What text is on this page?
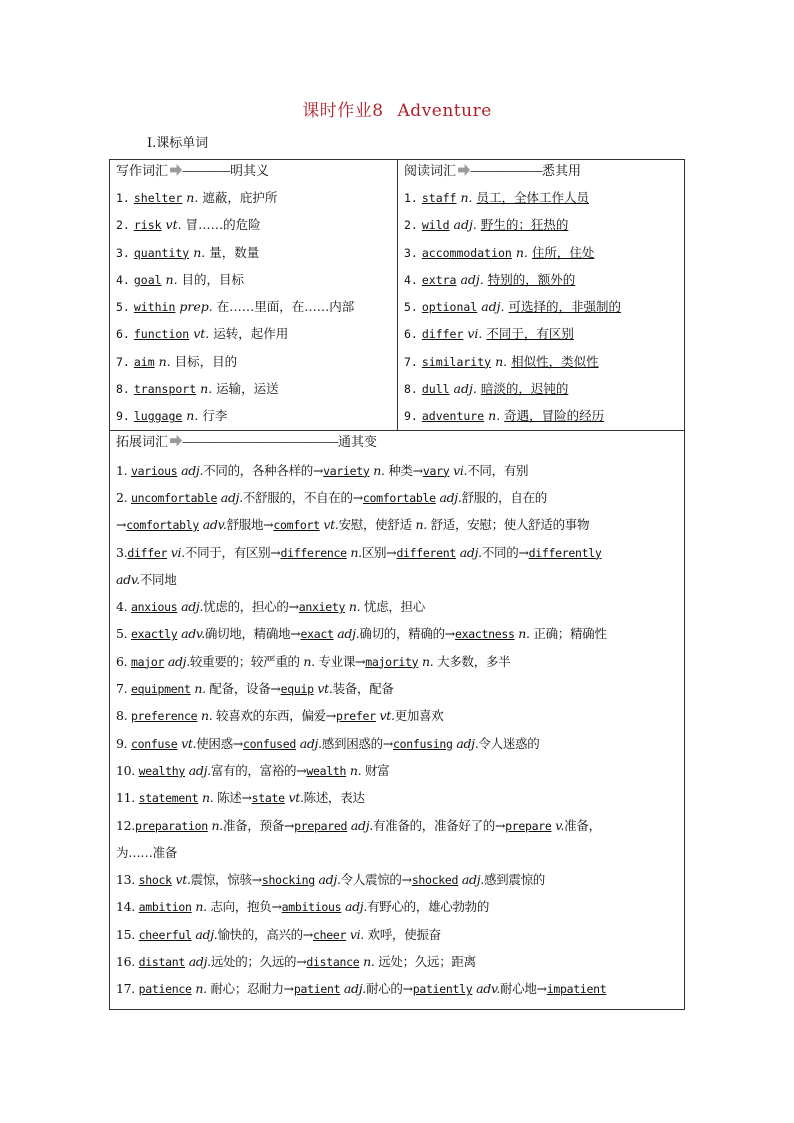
课时作业8 Adventure
Ⅰ.课标单词
写作词汇 ————明其义
1. shelter n. 遮蔽，庇护所
2. risk vt. 冒……的危险
3. quantity n. 量，数量
4. goal n. 目的，目标
5. within prep. 在……里面，在……内部
6. function vt. 运转，起作用
7. aim n. 目标，目的
8. transport n. 运输，运送
9. luggage n. 行李

阅读词汇 ——————悉其用
1. staff n. 员工，全体工作人员
2. wild adj. 野生的；狂热的
3. accommodation n. 住所，住处
4. extra adj. 特别的，额外的
5. optional adj. 可选择的，非强制的
6. differ vi. 不同于，有区别
7. similarity n. 相似性，类似性
8. dull adj. 暗淡的，迟钝的
9. adventure n. 奇遇，冒险的经历

拓展词汇 —————————————通其变
1. various adj.不同的，各种各样的→variety n. 种类→vary vi.不同，有别
2. uncomfortable adj.不舒服的，不自在的→comfortable adj.舒服的，自在的
→comfortably adv.舒服地→comfort vt.安慰，使舒适 n. 舒适，安慰；使人舒适的事物
3.differ vi.不同于，有区别→difference n.区别→different adj.不同的→differently
adv.不同地
4. anxious adj.忧虑的，担心的→anxiety n. 忧虑，担心
5. exactly adv.确切地，精确地→exact adj.确切的，精确的→exactness n. 正确；精确性
6. major adj.较重要的；较严重的 n. 专业课→majority n. 大多数，多半
7. equipment n. 配备，设备→equip vt.装备，配备
8. preference n. 较喜欢的东西，偏爱→prefer vt.更加喜欢
9. confuse vt.使困惑→confused adj.感到困惑的→confusing adj.令人迷惑的
10. wealthy adj.富有的，富裕的→wealth n. 财富
11. statement n. 陈述→state vt.陈述，表达
12.preparation n.准备，预备→prepared adj.有准备的，准备好了的→prepare v.准备，
为……准备
13. shock vt.震惊，惊骇→shocking adj.令人震惊的→shocked adj.感到震惊的
14. ambition n. 志向，抱负→ambitious adj.有野心的，雄心勃勃的
15. cheerful adj.愉快的，高兴的→cheer vi. 欢呼，使振奋
16. distant adj.远处的；久远的→distance n. 远处；久远；距离
17. patience n. 耐心；忍耐力→patient adj.耐心的→patiently adv.耐心地→impatient
